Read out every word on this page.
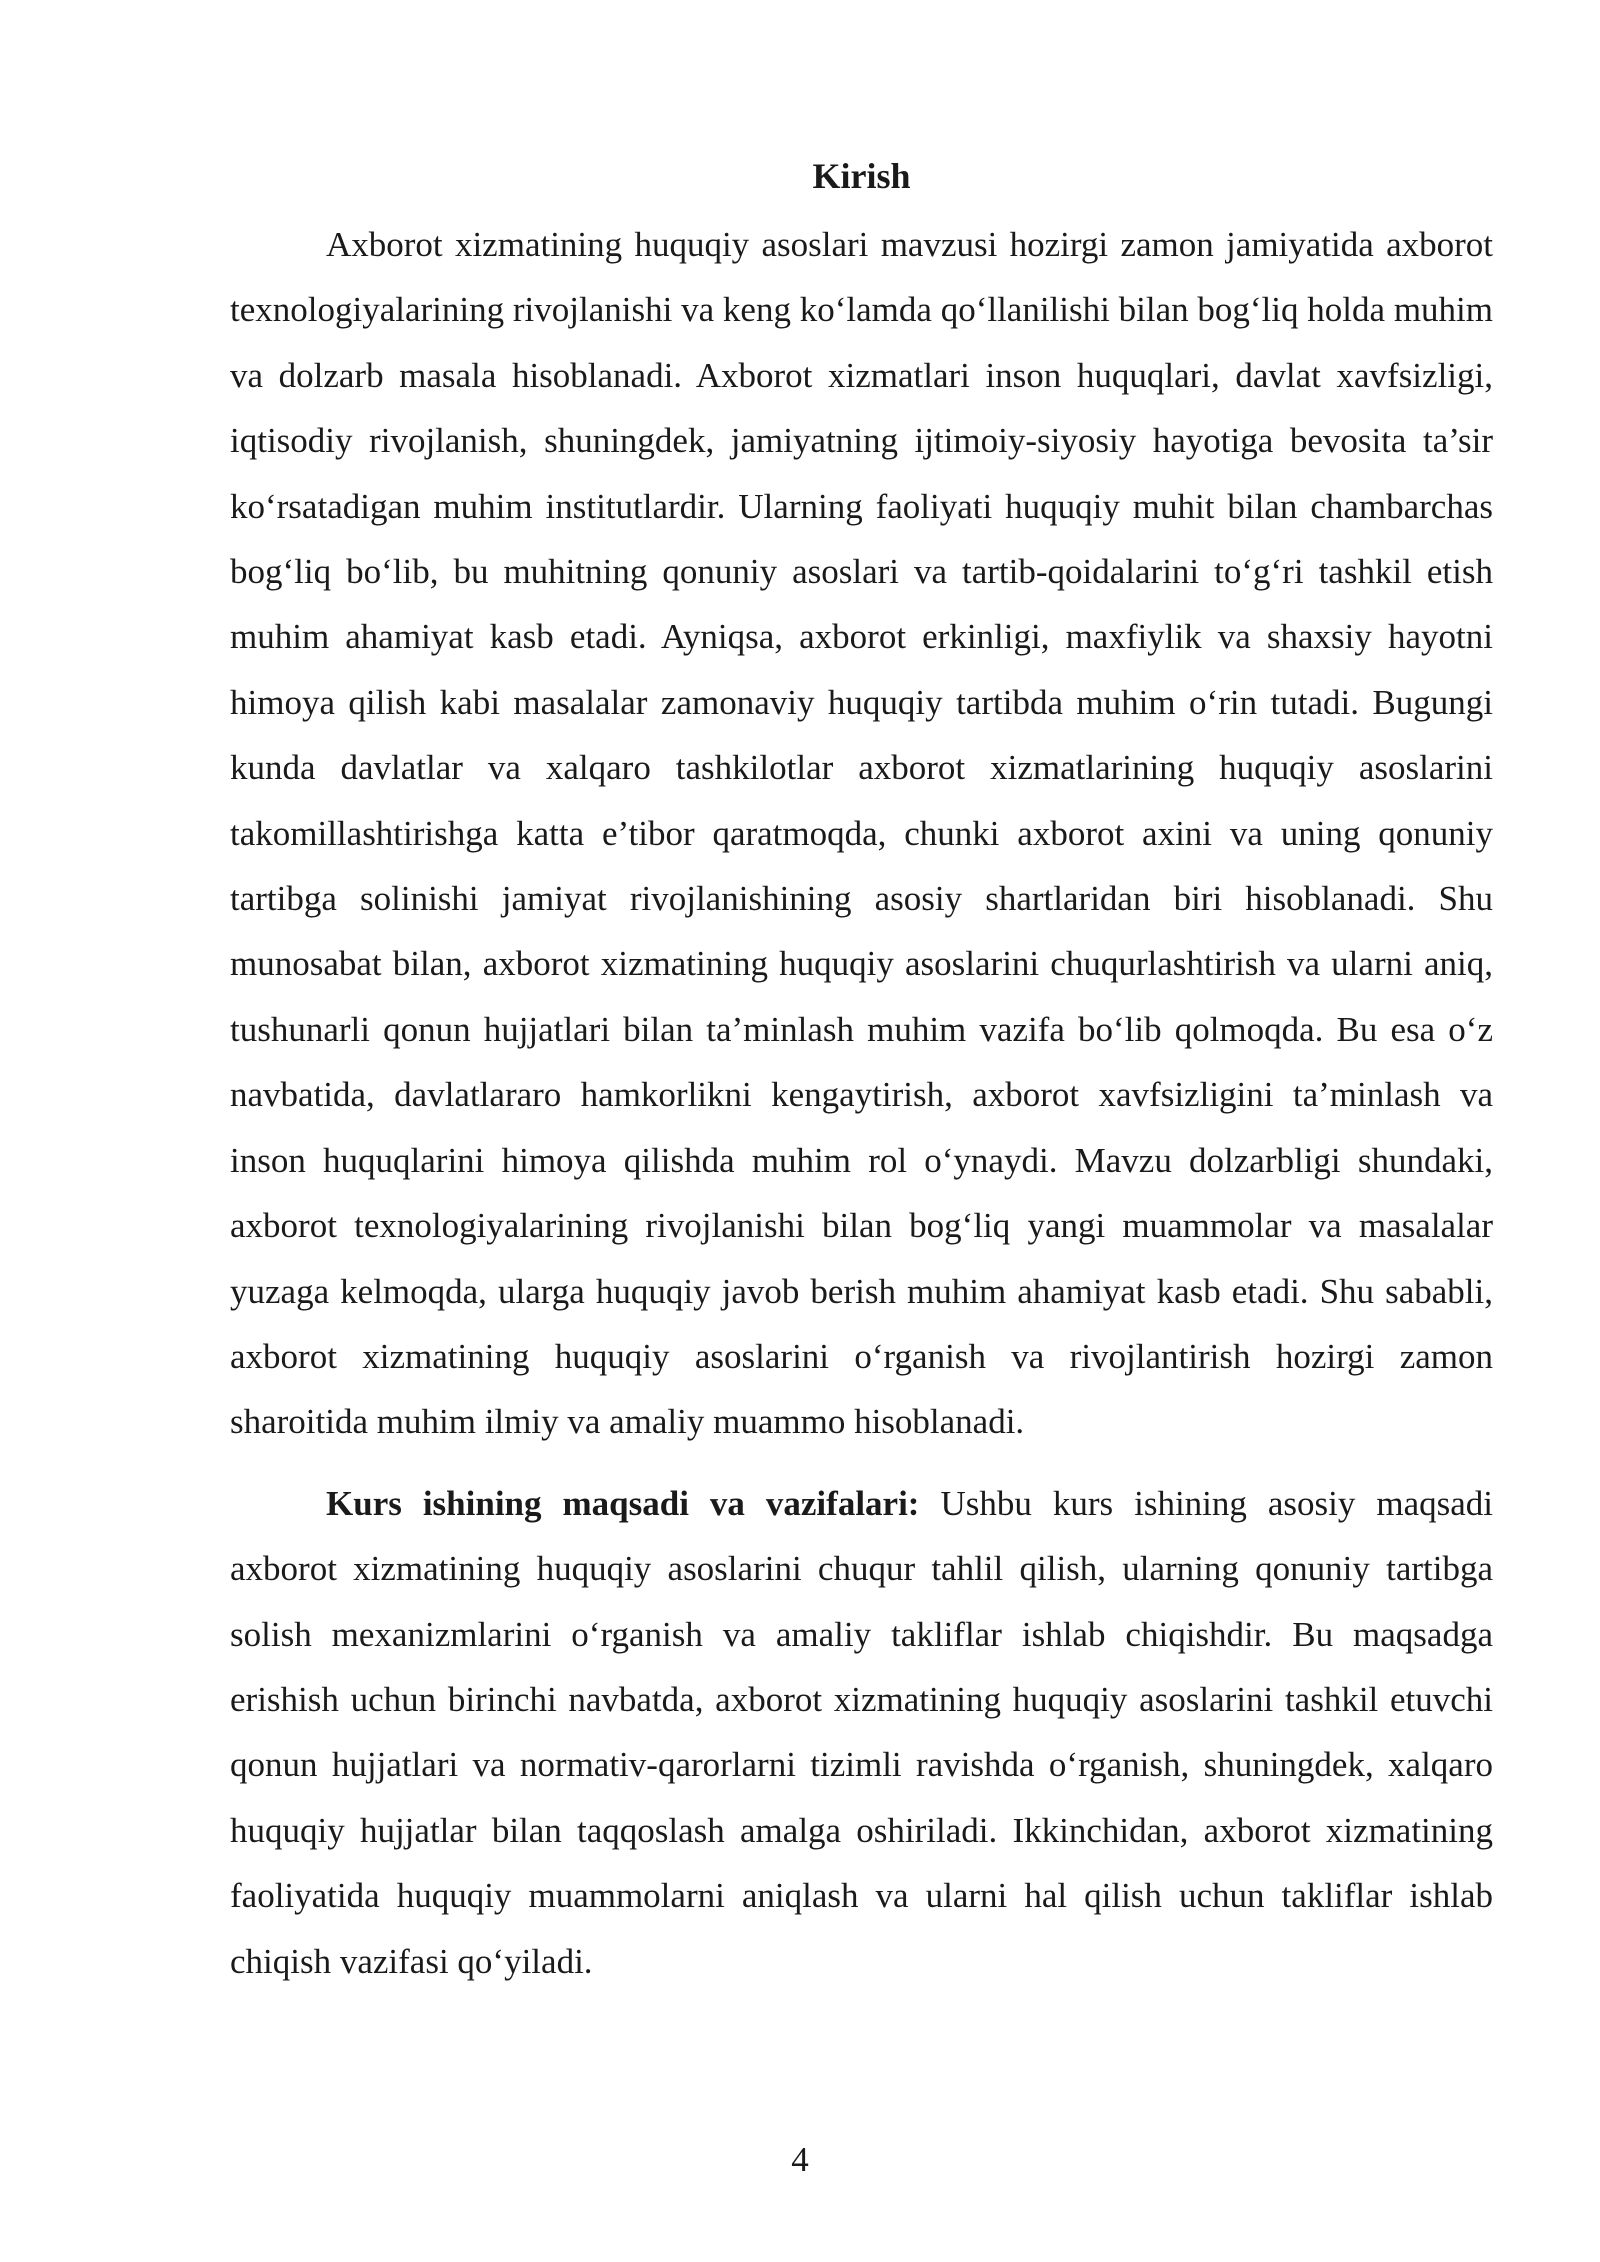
Kirish

Axborot xizmatining huquqiy asoslari mavzusi hozirgi zamon jamiyatida axborot texnologiyalarining rivojlanishi va keng ko‘lamda qo‘llanilishi bilan bog‘liq holda muhim va dolzarb masala hisoblanadi. Axborot xizmatlari inson huquqlari, davlat xavfsizligi, iqtisodiy rivojlanish, shuningdek, jamiyatning ijtimoiy-siyosiy hayotiga bevosita ta’sir ko‘rsatadigan muhim institutlardir. Ularning faoliyati huquqiy muhit bilan chambarchas bog‘liq bo‘lib, bu muhitning qonuniy asoslari va tartib-qoidalarini to‘g‘ri tashkil etish muhim ahamiyat kasb etadi. Ayniqsa, axborot erkinligi, maxfiylik va shaxsiy hayotni himoya qilish kabi masalalar zamonaviy huquqiy tartibda muhim o‘rin tutadi. Bugungi kunda davlatlar va xalqaro tashkilotlar axborot xizmatlarining huquqiy asoslarini takomillashtirishga katta e’tibor qaratmoqda, chunki axborot axini va uning qonuniy tartibga solinishi jamiyat rivojlanishining asosiy shartlaridan biri hisoblanadi. Shu munosabat bilan, axborot xizmatining huquqiy asoslarini chuqurlashtirish va ularni aniq, tushunarli qonun hujjatlari bilan ta’minlash muhim vazifa bo‘lib qolmoqda. Bu esa o‘z navbatida, davlatlararo hamkorlikni kengaytirish, axborot xavfsizligini ta’minlash va inson huquqlarini himoya qilishda muhim rol o‘ynaydi. Mavzu dolzarbligi shundaki, axborot texnologiyalarining rivojlanishi bilan bog‘liq yangi muammolar va masalalar yuzaga kelmoqda, ularga huquqiy javob berish muhim ahamiyat kasb etadi. Shu sababli, axborot xizmatining huquqiy asoslarini o‘rganish va rivojlantirish hozirgi zamon sharoitida muhim ilmiy va amaliy muammo hisoblanadi.

Kurs ishining maqsadi va vazifalari: Ushbu kurs ishining asosiy maqsadi axborot xizmatining huquqiy asoslarini chuqur tahlil qilish, ularning qonuniy tartibga solish mexanizmlarini o‘rganish va amaliy takliflar ishlab chiqishdir. Bu maqsadga erishish uchun birinchi navbatda, axborot xizmatining huquqiy asoslarini tashkil etuvchi qonun hujjatlari va normativ-qarorlarni tizimli ravishda o‘rganish, shuningdek, xalqaro huquqiy hujjatlar bilan taqqoslash amalga oshiriladi. Ikkinchidan, axborot xizmatining faoliyatida huquqiy muammolarni aniqlash va ularni hal qilish uchun takliflar ishlab chiqish vazifasi qo‘yiladi.

4
